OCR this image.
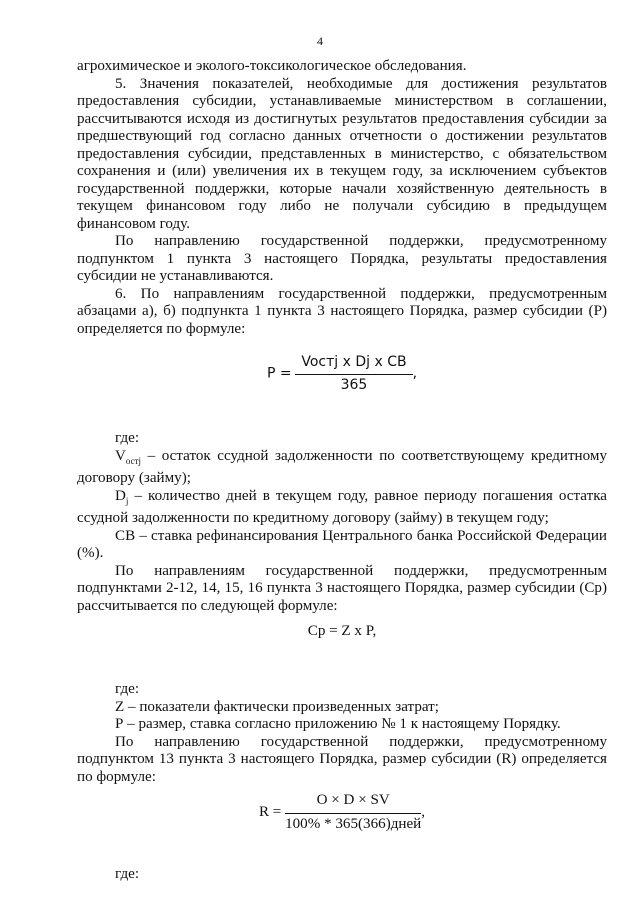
4

агрохимическое и эколого-токсикологическое обследования.

5. Значения показателей, необходимые для достижения результатов предоставления субсидии, устанавливаемые министерством в соглашении, рассчитываются исходя из достигнутых результатов предоставления субсидии за предшествующий год согласно данных отчетности о достижении результатов предоставления субсидии, представленных в министерство, с обязательством сохранения и (или) увеличения их в текущем году, за исключением субъектов государственной поддержки, которые начали хозяйственную деятельность в текущем финансовом году либо не получали субсидию в предыдущем финансовом году.

По направлению государственной поддержки, предусмотренному подпунктом 1 пункта 3 настоящего Порядка, результаты предоставления субсидии не устанавливаются.

6. По направлениям государственной поддержки, предусмотренным абзацами а), б) подпункта 1 пункта 3 настоящего Порядка, размер субсидии (Р) определяется по формуле:

$P = \frac{\text{Voстj x Dj x CB}}{365}$ ,

где:

$V_{остj}$ – остаток ссудной задолженности по соответствующему кредитному договору (займу);

$D_j$ – количество дней в текущем году, равное периоду погашения остатка ссудной задолженности по кредитному договору (займу) в текущем году;

СВ – ставка рефинансирования Центрального банка Российской Федерации (%).

По направлениям государственной поддержки, предусмотренным подпунктами 2-12, 14, 15, 16 пункта 3 настоящего Порядка, размер субсидии (Ср) рассчитывается по следующей формуле:

Ср = Z x P,

где:

Z – показатели фактически произведенных затрат;

Р – размер, ставка согласно приложению № 1 к настоящему Порядку.

По направлению государственной поддержки, предусмотренному подпунктом 13 пункта 3 настоящего Порядка, размер субсидии (R) определяется по формуле:

$R = \frac{O \times D \times SV}{\text{100\% * 365(366)дней}}$ ,

где:
